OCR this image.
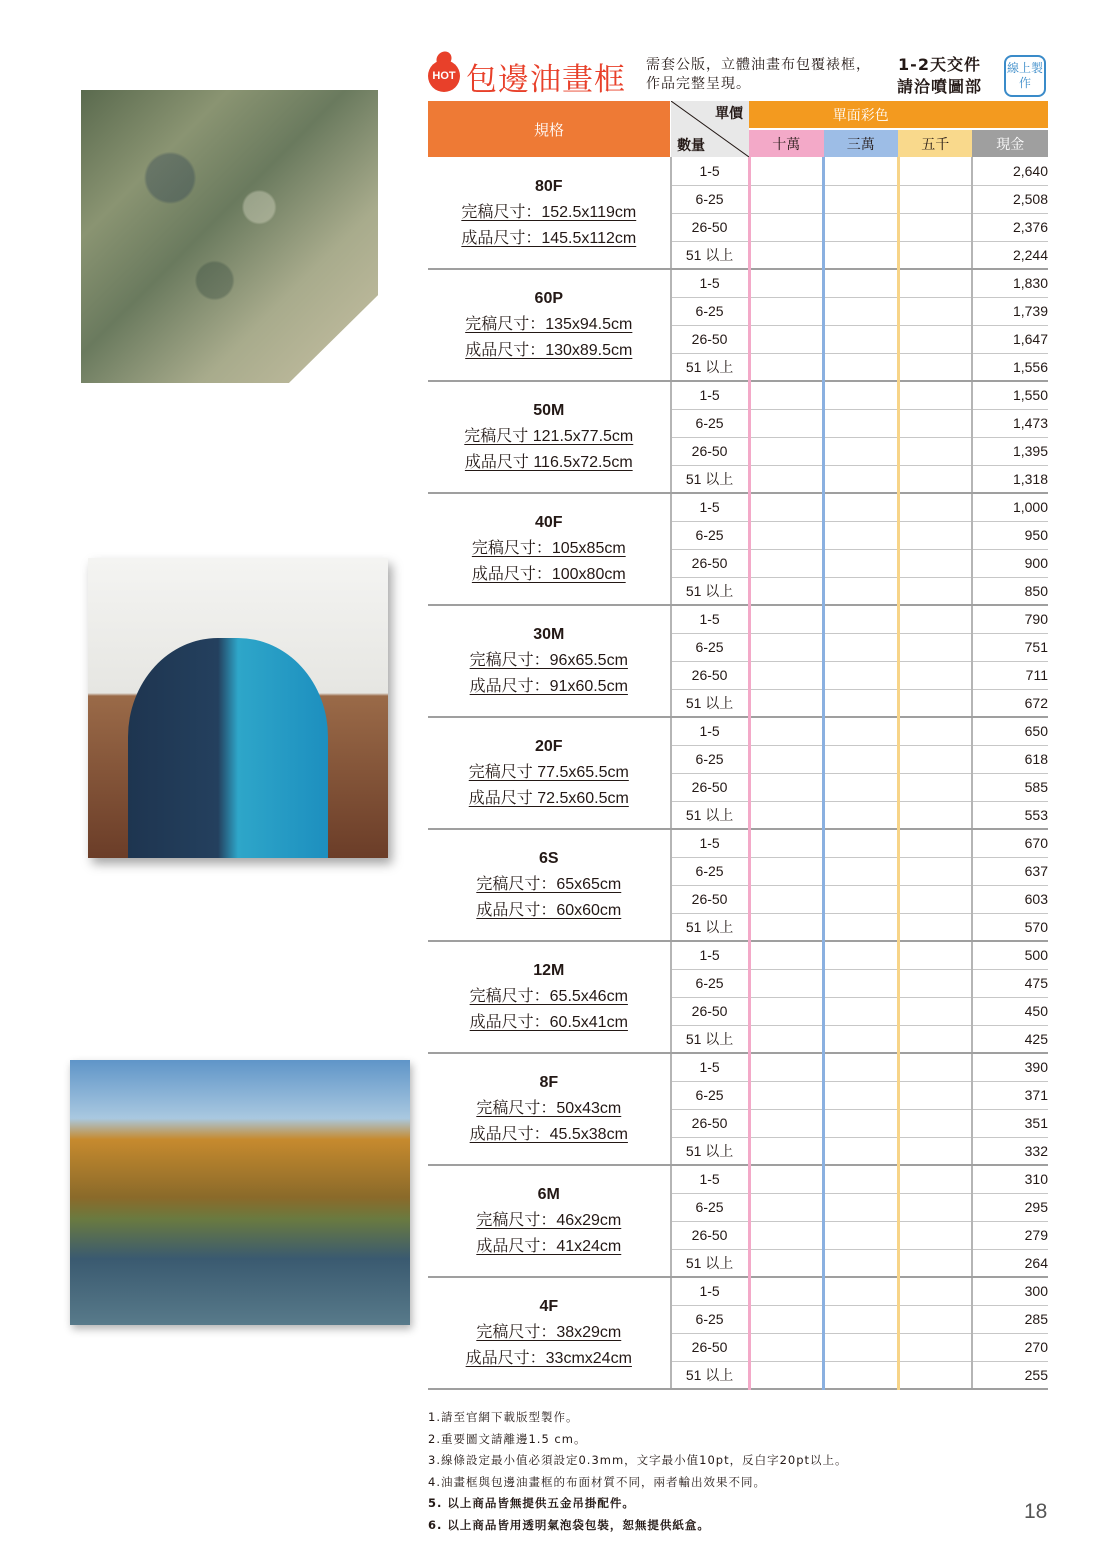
HOT 包邊油畫框 需套公版，立體油畫布包覆裱框，作品完整呈現。
1-2天交件
請洽噴圖部
線上製作
規格	單價
數量	單面彩色			
		十萬	三萬	五千	現金

80F
完稿尺寸：152.5x119cm
成品尺寸：145.5x112cm	1-5				2,640
	6-25				2,508
	26-50				2,376
	51 以上				2,244

60P
完稿尺寸：135x94.5cm
成品尺寸：130x89.5cm	1-5				1,830
	6-25				1,739
	26-50				1,647
	51 以上				1,556

50M
完稿尺寸 121.5x77.5cm
成品尺寸 116.5x72.5cm	1-5				1,550
	6-25				1,473
	26-50				1,395
	51 以上				1,318

40F
完稿尺寸：105x85cm
成品尺寸：100x80cm	1-5				1,000
	6-25				950
	26-50				900
	51 以上				850

30M
完稿尺寸：96x65.5cm
成品尺寸：91x60.5cm	1-5				790
	6-25				751
	26-50				711
	51 以上				672

20F
完稿尺寸 77.5x65.5cm
成品尺寸 72.5x60.5cm	1-5				650
	6-25				618
	26-50				585
	51 以上				553

6S
完稿尺寸：65x65cm
成品尺寸：60x60cm	1-5				670
	6-25				637
	26-50				603
	51 以上				570

12M
完稿尺寸：65.5x46cm
成品尺寸：60.5x41cm	1-5				500
	6-25				475
	26-50				450
	51 以上				425

8F
完稿尺寸：50x43cm
成品尺寸：45.5x38cm	1-5				390
	6-25				371
	26-50				351
	51 以上				332

6M
完稿尺寸：46x29cm
成品尺寸：41x24cm	1-5				310
	6-25				295
	26-50				279
	51 以上				264

4F
完稿尺寸：38x29cm
成品尺寸：33cmx24cm	1-5				300
	6-25				285
	26-50				270
	51 以上				255
1.請至官網下載版型製作。
2.重要圖文請離邊1.5 cm。
3.線條設定最小值必須設定0.3mm，文字最小值10pt，反白字20pt以上。
4.油畫框與包邊油畫框的布面材質不同，兩者輸出效果不同。
5. 以上商品皆無提供五金吊掛配件。
6. 以上商品皆用透明氣泡袋包裝，恕無提供紙盒。
18
